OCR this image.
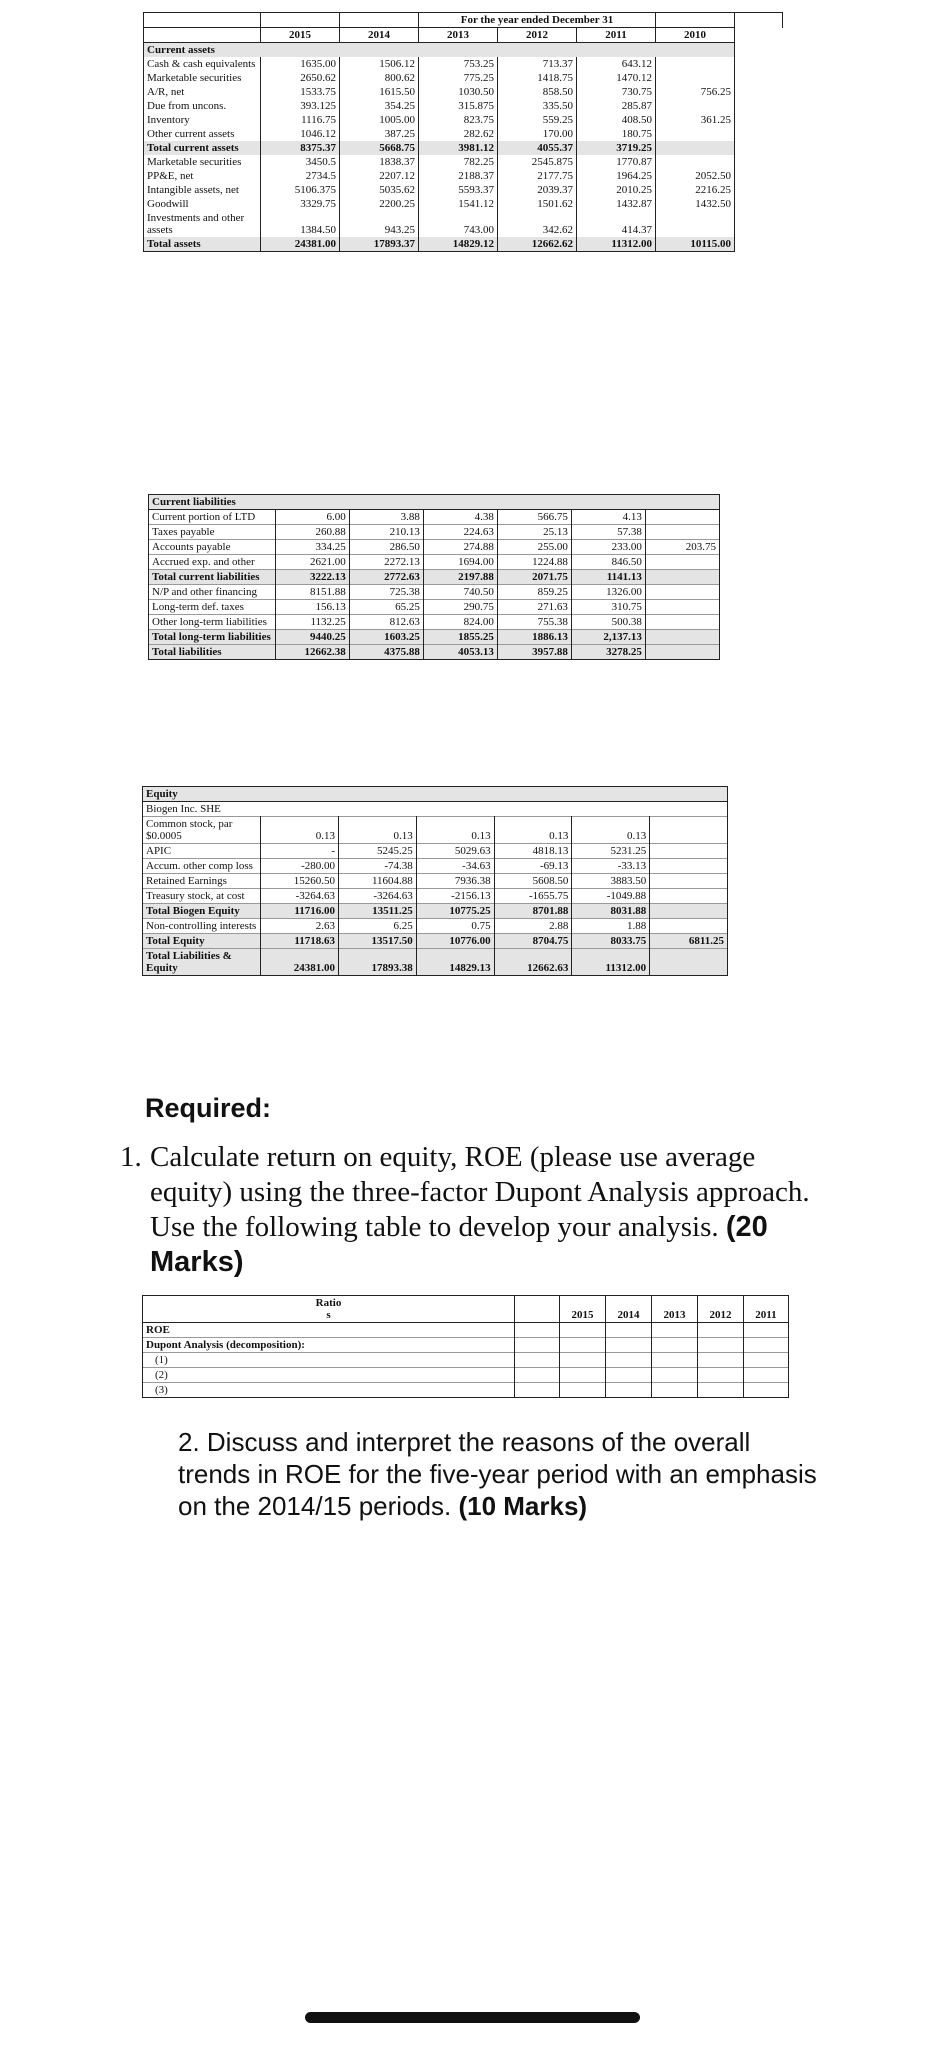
			For the year ended December 31				
	2015	2014	2013	2012	2011	2010	
Current assets							
Cash & cash equivalents	1635.00	1506.12	753.25	713.37	643.12		
Marketable securities	2650.62	800.62	775.25	1418.75	1470.12		
A/R, net	1533.75	1615.50	1030.50	858.50	730.75	756.25	
Due from uncons.	393.125	354.25	315.875	335.50	285.87		
Inventory	1116.75	1005.00	823.75	559.25	408.50	361.25	
Other current assets	1046.12	387.25	282.62	170.00	180.75		
Total current assets	8375.37	5668.75	3981.12	4055.37	3719.25		
Marketable securities	3450.5	1838.37	782.25	2545.875	1770.87		
PP&E, net	2734.5	2207.12	2188.37	2177.75	1964.25	2052.50	
Intangible assets, net	5106.375	5035.62	5593.37	2039.37	2010.25	2216.25	
Goodwill	3329.75	2200.25	1541.12	1501.62	1432.87	1432.50	
Investments and other assets	1384.50	943.25	743.00	342.62	414.37		
Total assets	24381.00	17893.37	14829.12	12662.62	11312.00	10115.00	
Current liabilities						
Current portion of LTD	6.00	3.88	4.38	566.75	4.13	
Taxes payable	260.88	210.13	224.63	25.13	57.38	
Accounts payable	334.25	286.50	274.88	255.00	233.00	203.75
Accrued exp. and other	2621.00	2272.13	1694.00	1224.88	846.50	
Total current liabilities	3222.13	2772.63	2197.88	2071.75	1141.13	
N/P and other financing	8151.88	725.38	740.50	859.25	1326.00	
Long-term def. taxes	156.13	65.25	290.75	271.63	310.75	
Other long-term liabilities	1132.25	812.63	824.00	755.38	500.38	
Total long-term liabilities	9440.25	1603.25	1855.25	1886.13	2,137.13	
Total liabilities	12662.38	4375.88	4053.13	3957.88	3278.25	
Equity						
Biogen Inc. SHE						
Common stock, par $0.0005	0.13	0.13	0.13	0.13	0.13	
APIC	-	5245.25	5029.63	4818.13	5231.25	
Accum. other comp loss	-280.00	-74.38	-34.63	-69.13	-33.13	
Retained Earnings	15260.50	11604.88	7936.38	5608.50	3883.50	
Treasury stock, at cost	-3264.63	-3264.63	-2156.13	-1655.75	-1049.88	
Total Biogen Equity	11716.00	13511.25	10775.25	8701.88	8031.88	
Non-controlling interests	2.63	6.25	0.75	2.88	1.88	
Total Equity	11718.63	13517.50	10776.00	8704.75	8033.75	6811.25
Total Liabilities & Equity	24381.00	17893.38	14829.13	12662.63	11312.00	
Required:
1. Calculate return on equity, ROE (please use average equity) using the three-factor Dupont Analysis approach. Use the following table to develop your analysis. (20 Marks)
Ratios		2015	2014	2013	2012	2011
ROE						
Dupont Analysis (decomposition):						
(1)						
(2)						
(3)						
2. Discuss and interpret the reasons of the overall trends in ROE for the five-year period with an emphasis on the 2014/15 periods. (10 Marks)
